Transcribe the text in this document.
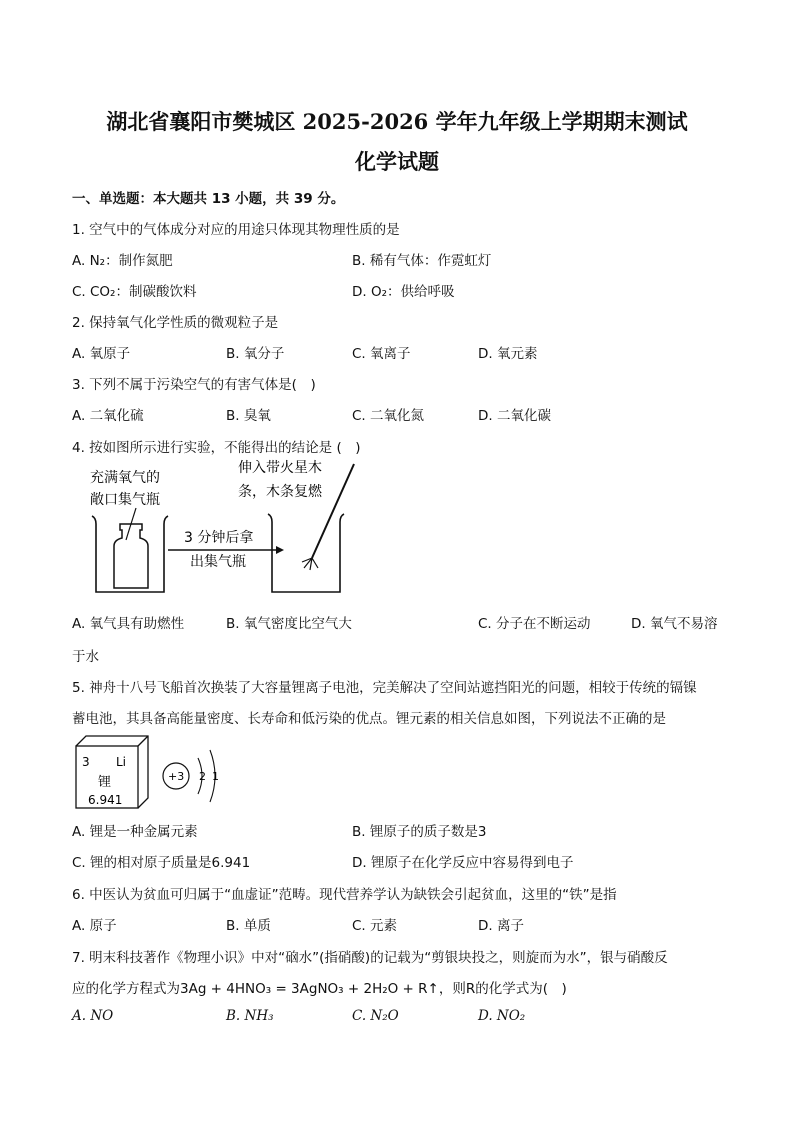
湖北省襄阳市樊城区 2025-2026 学年九年级上学期期末测试
化学试题
一、单选题：本大题共 13 小题，共 39 分。
1. 空气中的气体成分对应的用途只体现其物理性质的是
A. N₂：制作氮肥	B. 稀有气体：作霓虹灯
C. CO₂：制碳酸饮料	D. O₂：供给呼吸
2. 保持氧气化学性质的微观粒子是
A. 氧原子	B. 氧分子	C. 氧离子	D. 氧元素
3. 下列不属于污染空气的有害气体是(　)
A. 二氧化硫	B. 臭氧	C. 二氧化氮	D. 二氧化碳
4. 按如图所示进行实验，不能得出的结论是 (　)
充满氧气的
敞口集气瓶
3 分钟后拿
出集气瓶
伸入带火星木
条，木条复燃
A. 氧气具有助燃性	B. 氧气密度比空气大	C. 分子在不断运动	D. 氧气不易溶
于水
5. 神舟十八号飞船首次换装了大容量锂离子电池，完美解决了空间站遮挡阳光的问题，相较于传统的镉镍
蓄电池，其具备高能量密度、长寿命和低污染的优点。锂元素的相关信息如图，下列说法不正确的是
3 Li
锂
6.941
+3 2 1
A. 锂是一种金属元素	B. 锂原子的质子数是3
C. 锂的相对原子质量是6.941	D. 锂原子在化学反应中容易得到电子
6. 中医认为贫血可归属于“血虚证”范畴。现代营养学认为缺铁会引起贫血，这里的“铁”是指
A. 原子	B. 单质	C. 元素	D. 离子
7. 明末科技著作《物理小识》中对“硇水”(指硝酸)的记载为“剪银块投之，则旋而为水”，银与硝酸反
应的化学方程式为3Ag + 4HNO₃ = 3AgNO₃ + 2H₂O + R↑，则R的化学式为(　)
A. NO	B. NH₃	C. N₂O	D. NO₂
